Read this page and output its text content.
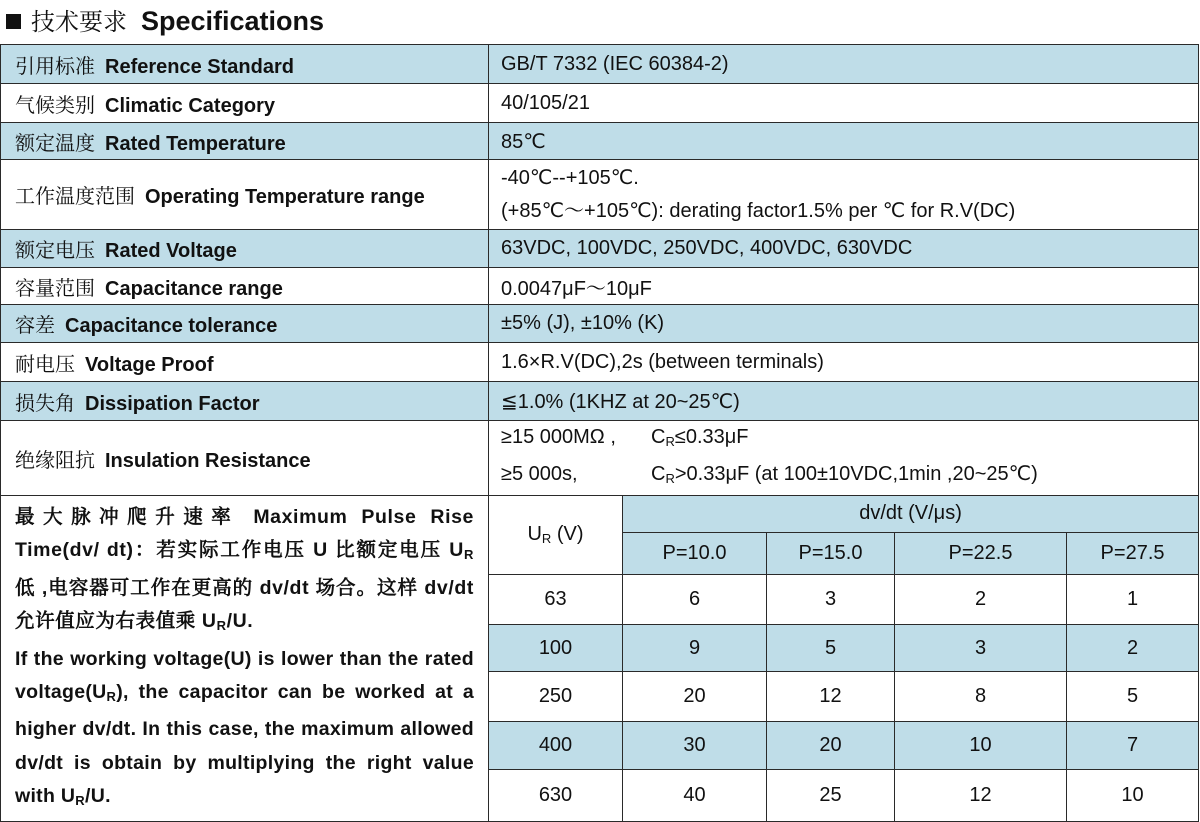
技术要求 Specifications
引用标准 Reference Standard	GB/T 7332 (IEC 60384-2)				
气候类别 Climatic Category	40/105/21				
额定温度 Rated Temperature	85℃				
工作温度范围 Operating Temperature range	-40℃--+105℃.
(+85℃～+105℃): derating factor1.5% per ℃ for R.V(DC)				

额定电压 Rated Voltage	63VDC, 100VDC, 250VDC, 400VDC, 630VDC				
容量范围 Capacitance range	0.0047μF～10μF				
容差 Capacitance tolerance	±5% (J), ±10% (K)				
耐电压 Voltage Proof	1.6×R.V(DC),2s (between terminals)				
损失角 Dissipation Factor	≦1.0% (1KHZ at 20~25℃)				
绝缘阻抗 Insulation Resistance	≥15 000MΩ , $C_R\le 0.33\mu F$
≥5 000s, $C_R>0.33\mu F$ (at 100±10VDC,1min ,20~25℃)				

最大脉冲爬升速率 Maximum Pulse Rise Time(dv/ dt)：若实际工作电压 U 比额定电压 $U_R$ 低 ,电容器可工作在更高的 dv/dt 场合。这样 dv/dt 允许值应为右表值乘 $U_R/U$.
If the working voltage(U) is lower than the rated $voltage(U_R)$, the capacitor can be worked at a higher dv/dt. In this case, the maximum allowed dv/dt is obtain by multiplying the right value with $U_R/U$.	$U_R$ (V)	dv/dt (V/μs)			
		P=10.0	P=15.0	P=22.5	P=27.5
	63	6	3	2	1
	100	9	5	3	2
	250	20	12	8	5
	400	30	20	10	7
	630	40	25	12	10
